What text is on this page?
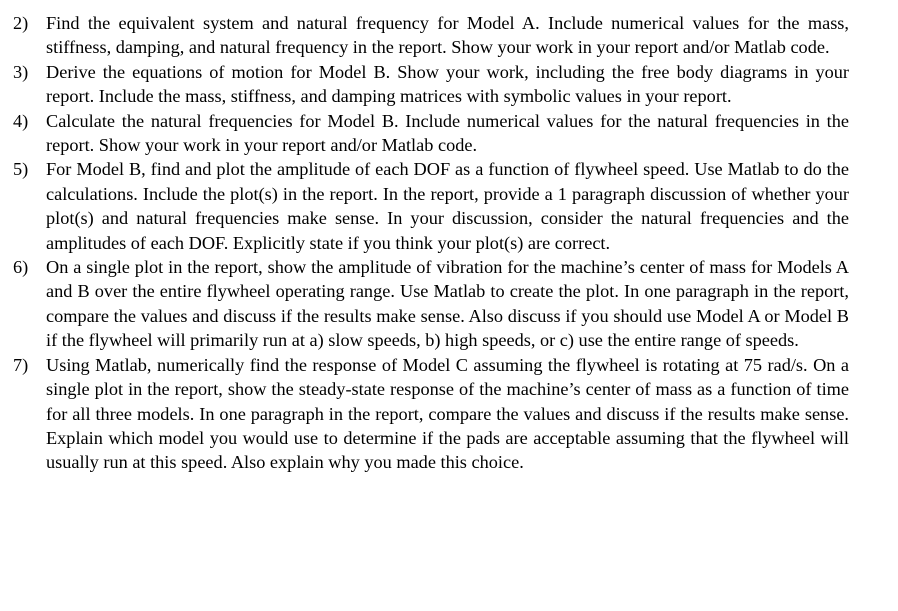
2) Find the equivalent system and natural frequency for Model A. Include numerical values for the mass, stiffness, damping, and natural frequency in the report. Show your work in your report and/or Matlab code.
3) Derive the equations of motion for Model B. Show your work, including the free body diagrams in your report. Include the mass, stiffness, and damping matrices with symbolic values in your report.
4) Calculate the natural frequencies for Model B. Include numerical values for the natural frequencies in the report. Show your work in your report and/or Matlab code.
5) For Model B, find and plot the amplitude of each DOF as a function of flywheel speed. Use Matlab to do the calculations. Include the plot(s) in the report. In the report, provide a 1 paragraph discussion of whether your plot(s) and natural frequencies make sense. In your discussion, consider the natural frequencies and the amplitudes of each DOF. Explicitly state if you think your plot(s) are correct.
6) On a single plot in the report, show the amplitude of vibration for the machine’s center of mass for Models A and B over the entire flywheel operating range. Use Matlab to create the plot. In one paragraph in the report, compare the values and discuss if the results make sense. Also discuss if you should use Model A or Model B if the flywheel will primarily run at a) slow speeds, b) high speeds, or c) use the entire range of speeds.
7) Using Matlab, numerically find the response of Model C assuming the flywheel is rotating at 75 rad/s. On a single plot in the report, show the steady-state response of the machine’s center of mass as a function of time for all three models. In one paragraph in the report, compare the values and discuss if the results make sense. Explain which model you would use to determine if the pads are acceptable assuming that the flywheel will usually run at this speed. Also explain why you made this choice.
